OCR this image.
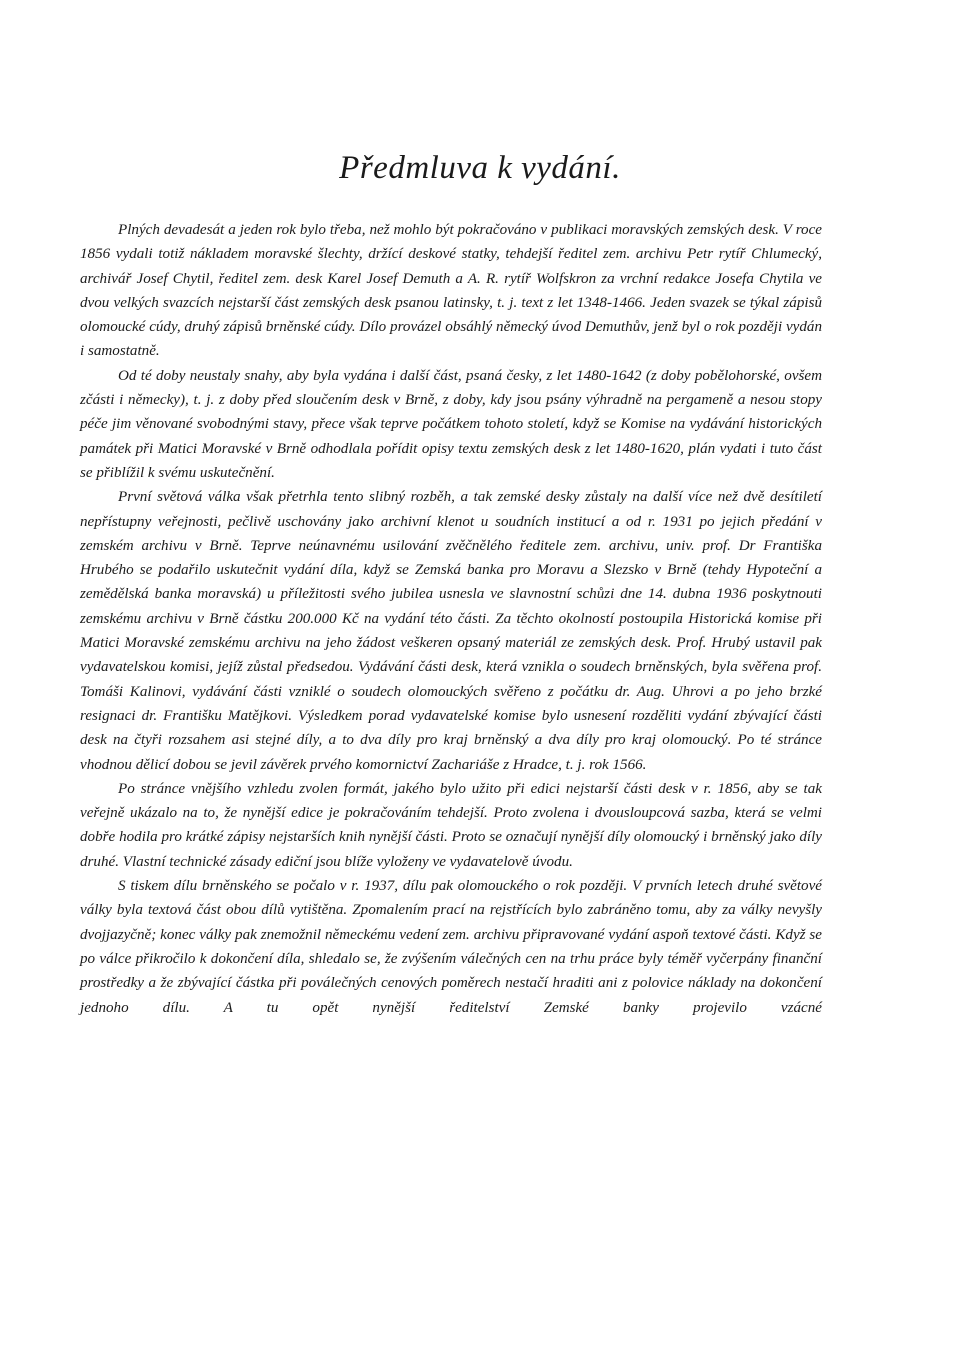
Předmluva k vydání.

Plných devadesát a jeden rok bylo třeba, než mohlo být pokračováno v publikaci moravských zemských desk. V roce 1856 vydali totiž nákladem moravské šlechty, držící deskové statky, tehdejší ředitel zem. archivu Petr rytíř Chlumecký, archivář Josef Chytil, ředitel zem. desk Karel Josef Demuth a A. R. rytíř Wolfskron za vrchní redakce Josefa Chytila ve dvou velkých svazcích nejstarší část zemských desk psanou latinsky, t. j. text z let 1348-1466. Jeden svazek se týkal zápisů olomoucké cúdy, druhý zápisů brněnské cúdy. Dílo provázel obsáhlý německý úvod Demuthův, jenž byl o rok později vydán i samostatně.

Od té doby neustaly snahy, aby byla vydána i další část, psaná česky, z let 1480-1642 (z doby pobělohorské, ovšem zčásti i německy), t. j. z doby před sloučením desk v Brně, z doby, kdy jsou psány výhradně na pergameně a nesou stopy péče jim věnované svobodnými stavy, přece však teprve počátkem tohoto století, když se Komise na vydávání historických památek při Matici Moravské v Brně odhodlala pořídit opisy textu zemských desk z let 1480-1620, plán vydati i tuto část se přiblížil k svému uskutečnění.

První světová válka však přetrhla tento slibný rozběh, a tak zemské desky zůstaly na další více než dvě desítiletí nepřístupny veřejnosti, pečlivě uschovány jako archivní klenot u soudních institucí a od r. 1931 po jejich předání v zemském archivu v Brně. Teprve neúnavnému usilování zvěčnělého ředitele zem. archivu, univ. prof. Dr Františka Hrubého se podařilo uskutečnit vydání díla, když se Zemská banka pro Moravu a Slezsko v Brně (tehdy Hypoteční a zemědělská banka moravská) u příležitosti svého jubilea usnesla ve slavnostní schůzi dne 14. dubna 1936 poskytnouti zemskému archivu v Brně částku 200.000 Kč na vydání této části. Za těchto okolností postoupila Historická komise při Matici Moravské zemskému archivu na jeho žádost veškeren opsaný materiál ze zemských desk. Prof. Hrubý ustavil pak vydavatelskou komisi, jejíž zůstal předsedou. Vydávání části desk, která vznikla o soudech brněnských, byla svěřena prof. Tomáši Kalinovi, vydávání části vzniklé o soudech olomouckých svěřeno z počátku dr. Aug. Uhrovi a po jeho brzké resignaci dr. Františku Matějkovi. Výsledkem porad vydavatelské komise bylo usnesení rozděliti vydání zbývající části desk na čtyři rozsahem asi stejné díly, a to dva díly pro kraj brněnský a dva díly pro kraj olomoucký. Po té stránce vhodnou dělicí dobou se jevil závěrek prvého komornictví Zachariáše z Hradce, t. j. rok 1566.

Po stránce vnějšího vzhledu zvolen formát, jakého bylo užito při edici nejstarší části desk v r. 1856, aby se tak veřejně ukázalo na to, že nynější edice je pokračováním tehdejší. Proto zvolena i dvousloupcová sazba, která se velmi dobře hodila pro krátké zápisy nejstarších knih nynější části. Proto se označují nynější díly olomoucký i brněnský jako díly druhé. Vlastní technické zásady ediční jsou blíže vyloženy ve vydavatelově úvodu.

S tiskem dílu brněnského se počalo v r. 1937, dílu pak olomouckého o rok později. V prvních letech druhé světové války byla textová část obou dílů vytištěna. Zpomalením prací na rejstřících bylo zabráněno tomu, aby za války nevyšly dvojjazyčně; konec války pak znemožnil německému vedení zem. archivu připravované vydání aspoň textové části. Když se po válce přikročilo k dokončení díla, shledalo se, že zvýšením válečných cen na trhu práce byly téměř vyčerpány finanční prostředky a že zbývající částka při poválečných cenových poměrech nestačí hraditi ani z polovice náklady na dokončení jednoho dílu. A tu opět nynější ředitelství Zemské banky projevilo vzácné
